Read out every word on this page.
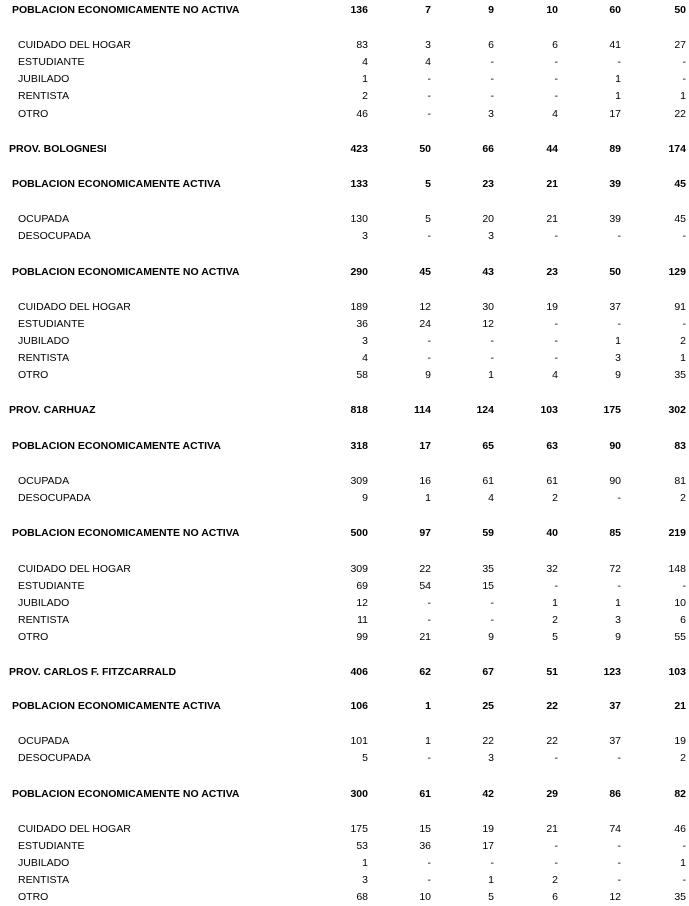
POBLACION ECONOMICAMENTE NO ACTIVA	136	7	9	10	60	50
CUIDADO DEL HOGAR	83	3	6	6	41	27
ESTUDIANTE	4	4	-	-	-	-
JUBILADO	1	-	-	-	1	-
RENTISTA	2	-	-	-	1	1
OTRO	46	-	3	4	17	22
PROV. BOLOGNESI	423	50	66	44	89	174
POBLACION ECONOMICAMENTE ACTIVA	133	5	23	21	39	45
OCUPADA	130	5	20	21	39	45
DESOCUPADA	3	-	3	-	-	-
POBLACION ECONOMICAMENTE NO ACTIVA	290	45	43	23	50	129
CUIDADO DEL HOGAR	189	12	30	19	37	91
ESTUDIANTE	36	24	12	-	-	-
JUBILADO	3	-	-	-	1	2
RENTISTA	4	-	-	-	3	1
OTRO	58	9	1	4	9	35
PROV. CARHUAZ	818	114	124	103	175	302
POBLACION ECONOMICAMENTE ACTIVA	318	17	65	63	90	83
OCUPADA	309	16	61	61	90	81
DESOCUPADA	9	1	4	2	-	2
POBLACION ECONOMICAMENTE NO ACTIVA	500	97	59	40	85	219
CUIDADO DEL HOGAR	309	22	35	32	72	148
ESTUDIANTE	69	54	15	-	-	-
JUBILADO	12	-	-	1	1	10
RENTISTA	11	-	-	2	3	6
OTRO	99	21	9	5	9	55
PROV. CARLOS F. FITZCARRALD	406	62	67	51	123	103
POBLACION ECONOMICAMENTE ACTIVA	106	1	25	22	37	21
OCUPADA	101	1	22	22	37	19
DESOCUPADA	5	-	3	-	-	2
POBLACION ECONOMICAMENTE NO ACTIVA	300	61	42	29	86	82
CUIDADO DEL HOGAR	175	15	19	21	74	46
ESTUDIANTE	53	36	17	-	-	-
JUBILADO	1	-	-	-	-	1
RENTISTA	3	-	1	2	-	-
OTRO	68	10	5	6	12	35
